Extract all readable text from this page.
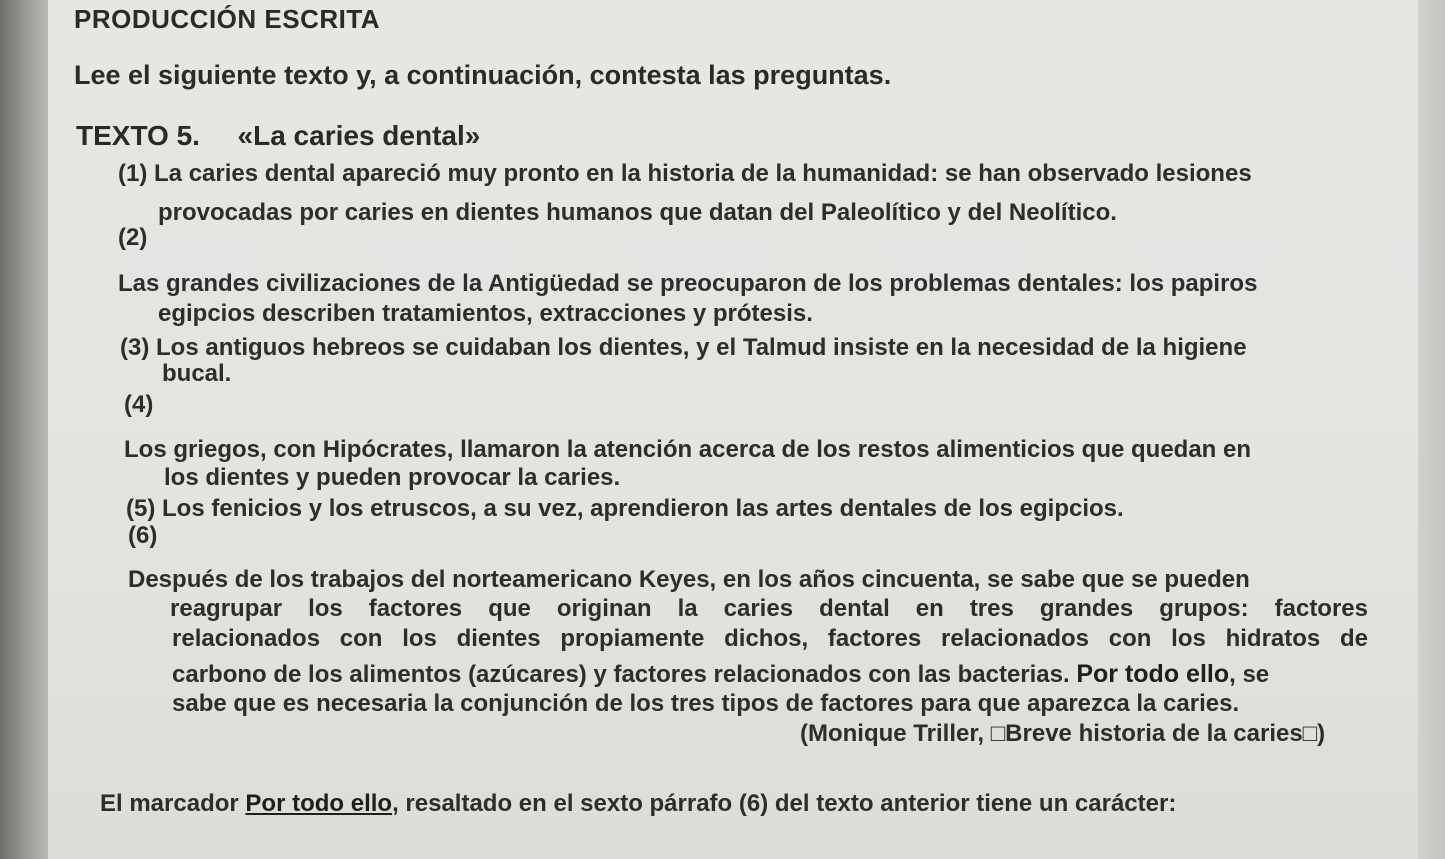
PRODUCCIÓN ESCRITA
Lee el siguiente texto y, a continuación, contesta las preguntas.
TEXTO 5. «La caries dental»
(1) La caries dental apareció muy pronto en la historia de la humanidad: se han observado lesiones
provocadas por caries en dientes humanos que datan del Paleolítico y del Neolítico.
(2)
Las grandes civilizaciones de la Antigüedad se preocuparon de los problemas dentales: los papiros
egipcios describen tratamientos, extracciones y prótesis.
(3) Los antiguos hebreos se cuidaban los dientes, y el Talmud insiste en la necesidad de la higiene
bucal.
(4)
Los griegos, con Hipócrates, llamaron la atención acerca de los restos alimenticios que quedan en
los dientes y pueden provocar la caries.
(5) Los fenicios y los etruscos, a su vez, aprendieron las artes dentales de los egipcios.
(6)
Después de los trabajos del norteamericano Keyes, en los años cincuenta, se sabe que se pueden
reagrupar los factores que originan la caries dental en tres grandes grupos: factores
relacionados con los dientes propiamente dichos, factores relacionados con los hidratos de
carbono de los alimentos (azúcares) y factores relacionados con las bacterias. Por todo ello, se
sabe que es necesaria la conjunción de los tres tipos de factores para que aparezca la caries.
(Monique Triller, □Breve historia de la caries□)
El marcador Por todo ello, resaltado en el sexto párrafo (6) del texto anterior tiene un carácter:
